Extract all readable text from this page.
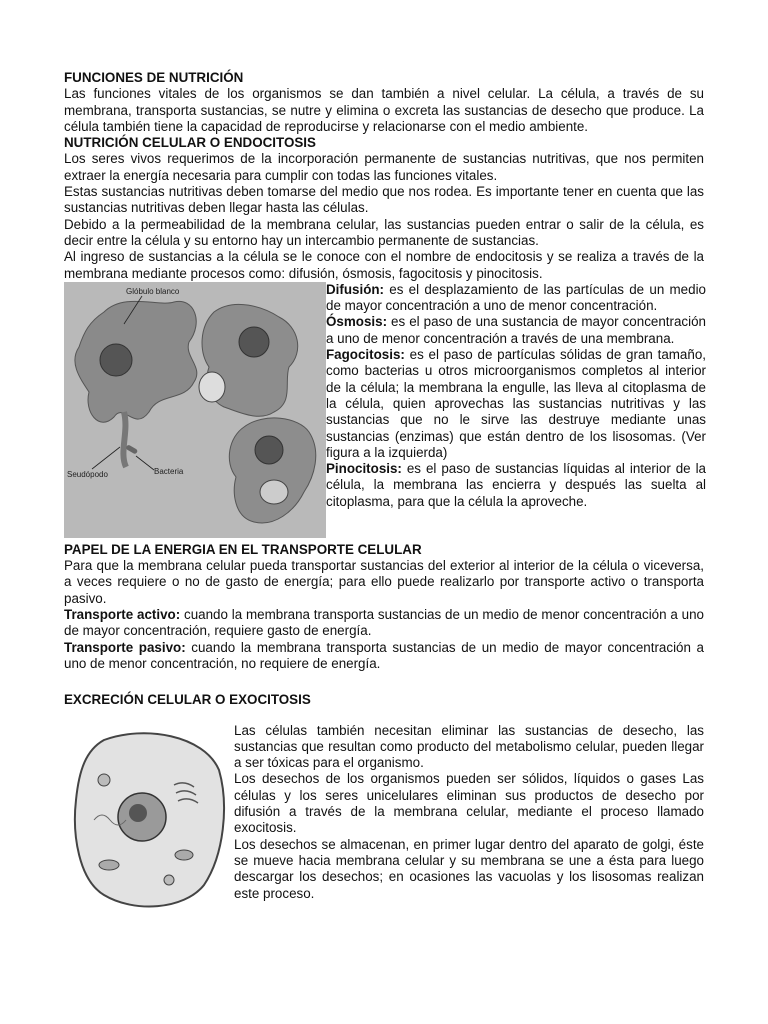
FUNCIONES DE NUTRICIÓN

Las funciones vitales de los organismos se dan también a nivel celular. La célula, a través de su membrana, transporta sustancias, se nutre y elimina o excreta las sustancias de desecho que produce. La célula también tiene la capacidad de reproducirse y relacionarse con el medio ambiente.

NUTRICIÓN CELULAR O ENDOCITOSIS

Los seres vivos requerimos de la incorporación permanente de sustancias nutritivas, que nos permiten extraer la energía necesaria para cumplir con todas las funciones vitales.

Estas sustancias nutritivas deben tomarse del medio que nos rodea. Es importante tener en cuenta que las sustancias nutritivas deben llegar hasta las células.

Debido a la permeabilidad de la membrana celular, las sustancias pueden entrar o salir de la célula, es decir entre la célula y su entorno hay un intercambio permanente de sustancias.

Al ingreso de sustancias a la célula se le conoce con el nombre de endocitosis y se realiza a través de la membrana mediante procesos como: difusión, ósmosis, fagocitosis y pinocitosis.

Glóbulo blanco
Seudópodo	Bacteria

Difusión: es el desplazamiento de las partículas de un medio de mayor concentración a uno de menor concentración.

Ósmosis: es el paso de una sustancia de mayor concentración a uno de menor concentración a través de una membrana.

Fagocitosis: es el paso de partículas sólidas de gran tamaño, como bacterias u otros microorganismos completos al interior de la célula; la membrana la engulle, las lleva al citoplasma de la célula, quien aprovechas las sustancias nutritivas y las sustancias que no le sirve las destruye mediante unas sustancias (enzimas) que están dentro de los lisosomas. (Ver figura a la izquierda)

Pinocitosis: es el paso de sustancias líquidas al interior de la célula, la membrana las encierra y después las suelta al citoplasma, para que la célula la aproveche.

PAPEL DE LA ENERGIA EN EL TRANSPORTE CELULAR

Para que la membrana celular pueda transportar sustancias del exterior al interior de la célula o viceversa, a veces requiere o no de gasto de energía; para ello puede realizarlo por transporte activo o transporta pasivo.

Transporte activo: cuando la membrana transporta sustancias de un medio de menor concentración a uno de mayor concentración, requiere gasto de energía.

Transporte pasivo: cuando la membrana transporta sustancias de un medio de mayor concentración a uno de menor concentración, no requiere de energía.

EXCRECIÓN CELULAR O EXOCITOSIS

Las células también necesitan eliminar las sustancias de desecho, las sustancias que resultan como producto del metabolismo celular, pueden llegar a ser tóxicas para el organismo.

Los desechos de los organismos pueden ser sólidos, líquidos o gases Las células y los seres unicelulares eliminan sus productos de desecho por difusión a través de la membrana celular, mediante el proceso llamado exocitosis.

Los desechos se almacenan, en primer lugar dentro del aparato de golgi, éste se mueve hacia membrana celular y su membrana se une a ésta para luego descargar los desechos; en ocasiones las vacuolas y los lisosomas realizan este proceso.
